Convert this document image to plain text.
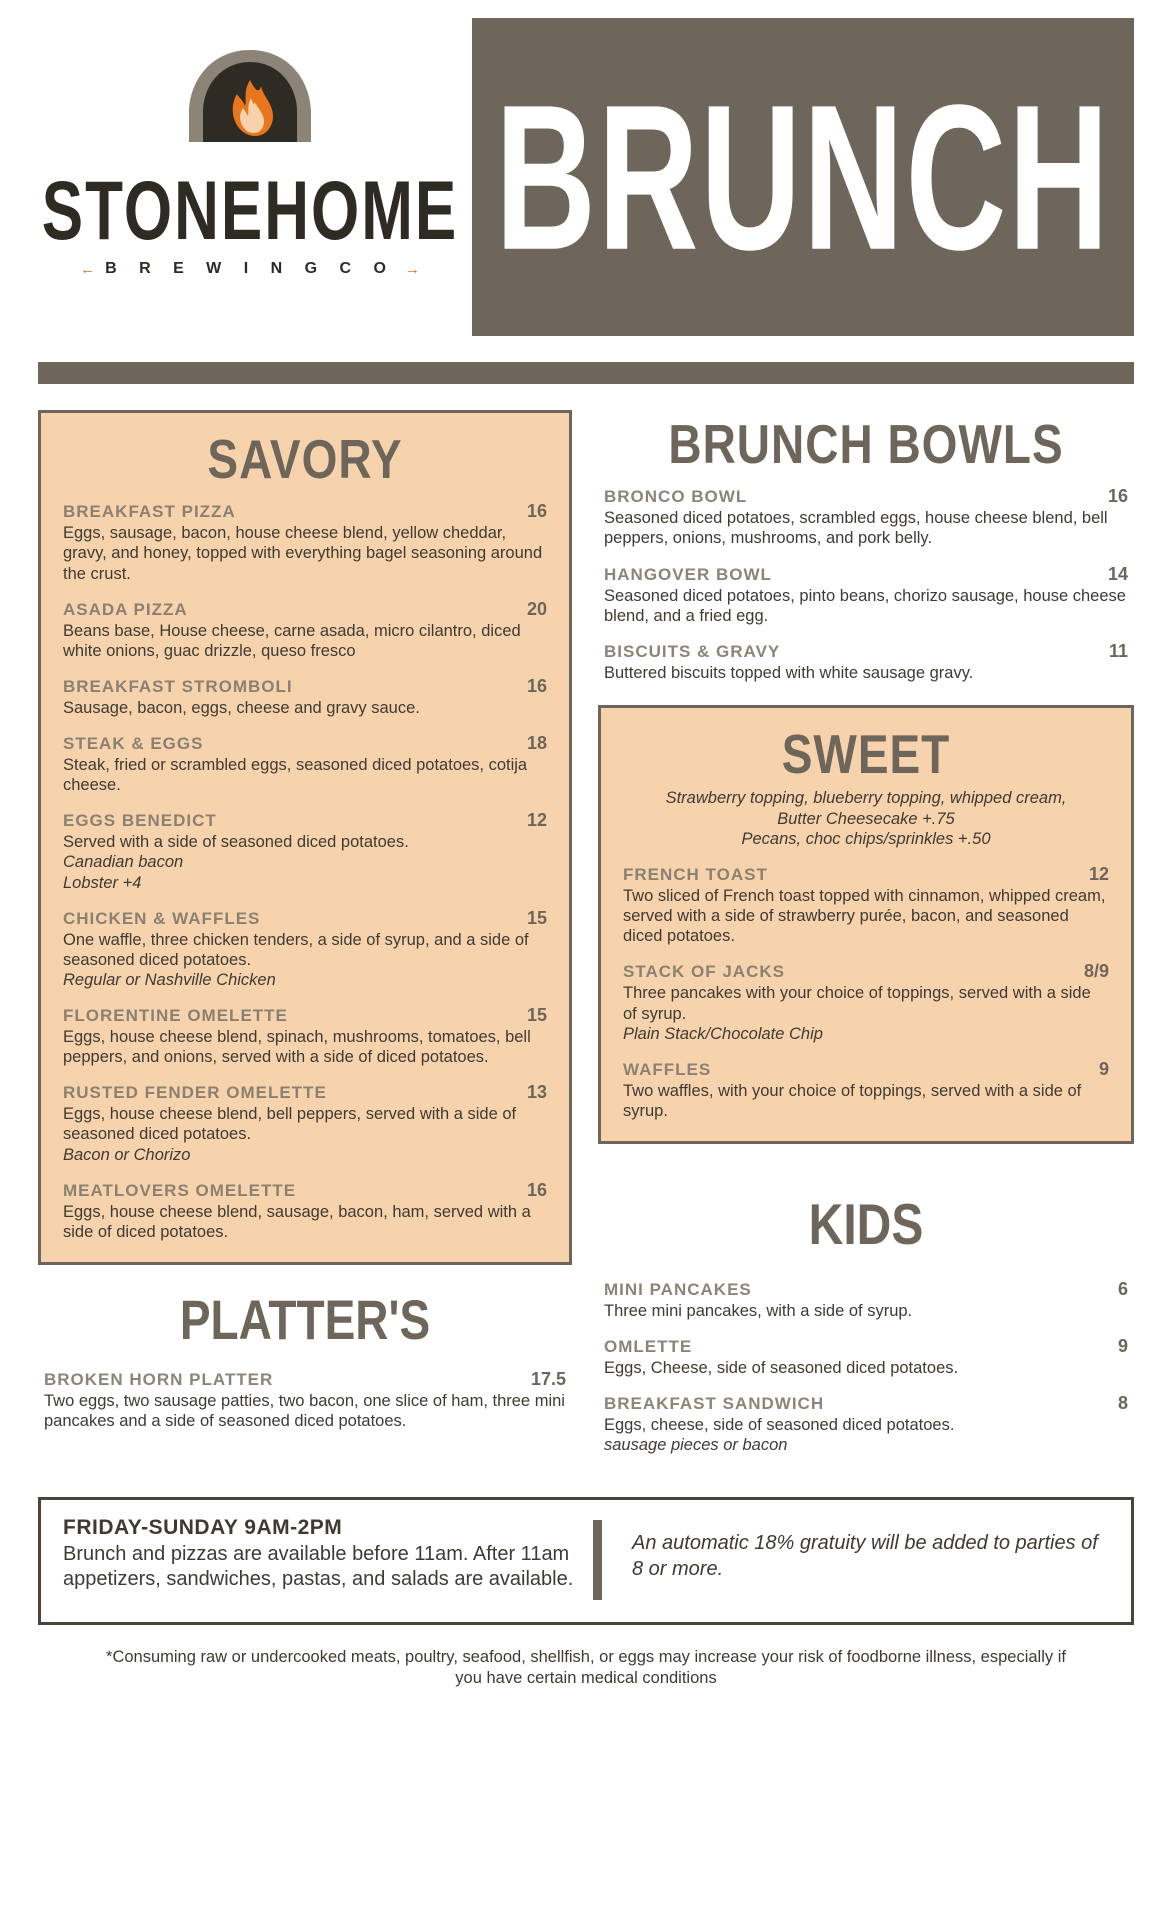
STONEHOME
← B R E W I N G C O → BRUNCH
SAVORY
BREAKFAST PIZZA	16
Eggs, sausage, bacon, house cheese blend, yellow cheddar, gravy, and honey, topped with everything bagel seasoning around the crust.
ASADA PIZZA	20
Beans base, House cheese, carne asada, micro cilantro, diced white onions, guac drizzle, queso fresco
BREAKFAST STROMBOLI	16
Sausage, bacon, eggs, cheese and gravy sauce.
STEAK & EGGS	18
Steak, fried or scrambled eggs, seasoned diced potatoes, cotija cheese.
EGGS BENEDICT	12
Served with a side of seasoned diced potatoes.
Canadian bacon
Lobster +4
CHICKEN & WAFFLES	15
One waffle, three chicken tenders, a side of syrup, and a side of seasoned diced potatoes.
Regular or Nashville Chicken
FLORENTINE OMELETTE	15
Eggs, house cheese blend, spinach, mushrooms, tomatoes, bell peppers, and onions, served with a side of diced potatoes.
RUSTED FENDER OMELETTE	13
Eggs, house cheese blend, bell peppers, served with a side of seasoned diced potatoes.
Bacon or Chorizo
MEATLOVERS OMELETTE	16
Eggs, house cheese blend, sausage, bacon, ham, served with a side of diced potatoes.
PLATTER'S
BROKEN HORN PLATTER	17.5
Two eggs, two sausage patties, two bacon, one slice of ham, three mini pancakes and a side of seasoned diced potatoes.
BRUNCH BOWLS
BRONCO BOWL	16
Seasoned diced potatoes, scrambled eggs, house cheese blend, bell peppers, onions, mushrooms, and pork belly.
HANGOVER BOWL	14
Seasoned diced potatoes, pinto beans, chorizo sausage, house cheese blend, and a fried egg.
BISCUITS & GRAVY	11
Buttered biscuits topped with white sausage gravy.
SWEET
Strawberry topping, blueberry topping, whipped cream,
Butter Cheesecake +.75
Pecans, choc chips/sprinkles +.50
FRENCH TOAST	12
Two sliced of French toast topped with cinnamon, whipped cream, served with a side of strawberry purée, bacon, and seasoned diced potatoes.
STACK OF JACKS	8/9
Three pancakes with your choice of toppings, served with a side of syrup.
Plain Stack/Chocolate Chip
WAFFLES	9
Two waffles, with your choice of toppings, served with a side of syrup.
KIDS
MINI PANCAKES	6
Three mini pancakes, with a side of syrup.
OMLETTE	9
Eggs, Cheese, side of seasoned diced potatoes.
BREAKFAST SANDWICH	8
Eggs, cheese, side of seasoned diced potatoes.
sausage pieces or bacon
FRIDAY-SUNDAY 9AM-2PM
Brunch and pizzas are available before 11am. After 11am appetizers, sandwiches, pastas, and salads are available.
An automatic 18% gratuity will be added to parties of 8 or more.
*Consuming raw or undercooked meats, poultry, seafood, shellfish, or eggs may increase your risk of foodborne illness, especially if you have certain medical conditions
